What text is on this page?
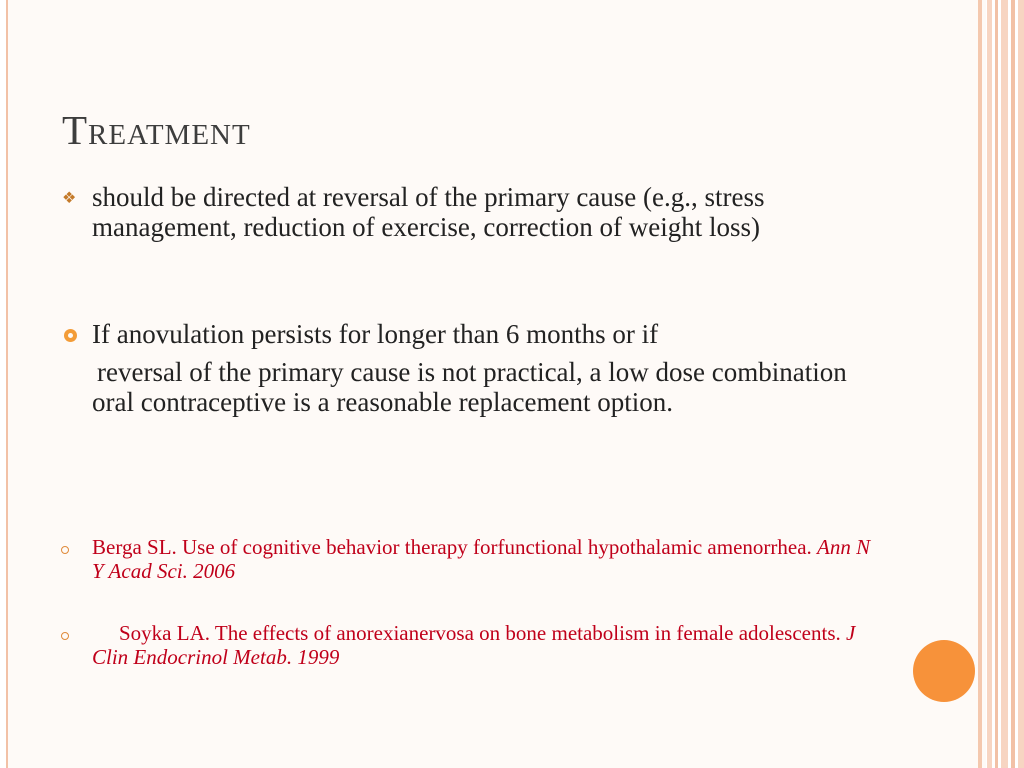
Treatment
❖ should be directed at reversal of the primary cause (e.g., stress management, reduction of exercise, correction of weight loss)
If anovulation persists for longer than 6 months or if
reversal of the primary cause is not practical, a low dose combination oral contraceptive is a reasonable replacement option.
Berga SL. Use of cognitive behavior therapy forfunctional hypothalamic amenorrhea. Ann N Y Acad Sci. 2006
Soyka LA. The effects of anorexianervosa on bone metabolism in female adolescents. J Clin Endocrinol Metab. 1999
